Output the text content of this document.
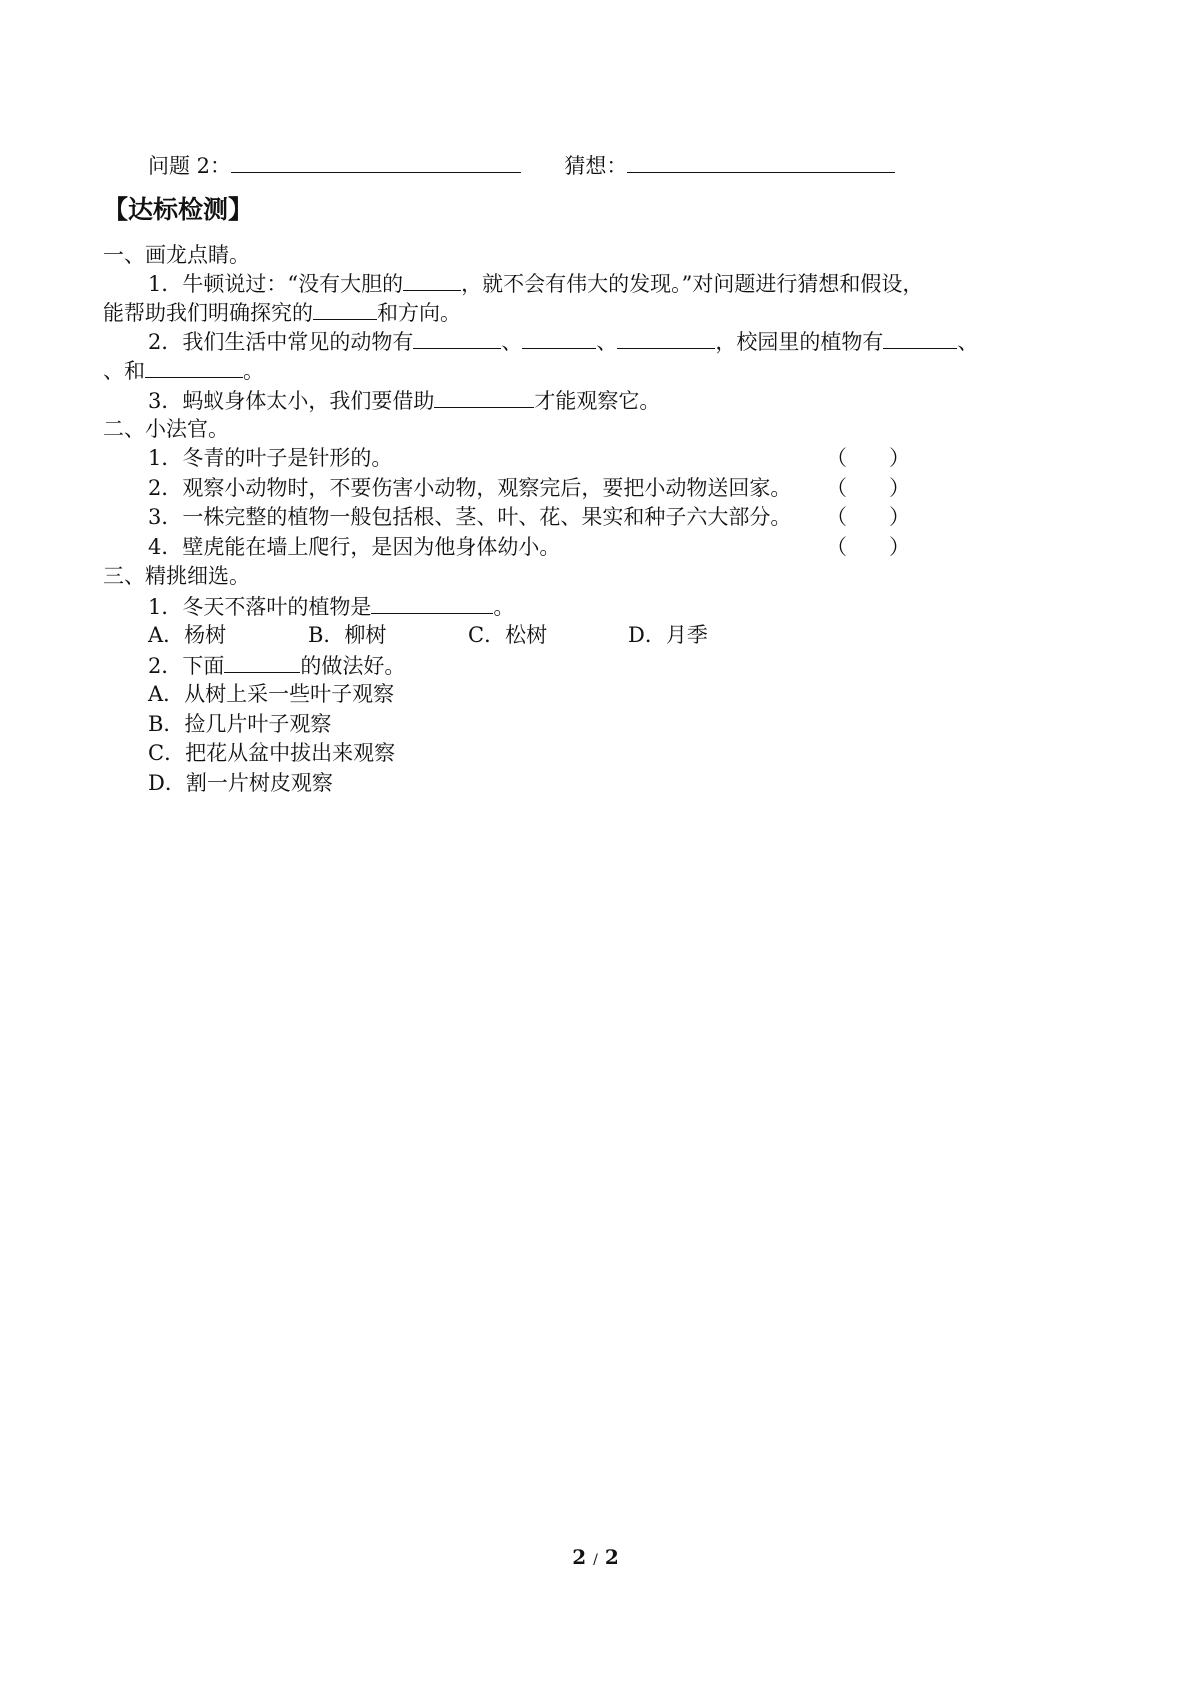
问题 2：	猜想：
【达标检测】
一、画龙点睛。
1．牛顿说过：“没有大胆的	，就不会有伟大的发现。”对问题进行猜想和假设，
能帮助我们明确探究的	和方向。
2．我们生活中常见的动物有	、	、	，校园里的植物有	、
、和	。
3．蚂蚁身体太小，我们要借助	才能观察它。
二、小法官。
1．冬青的叶子是针形的。	（　　）
2．观察小动物时，不要伤害小动物，观察完后，要把小动物送回家。 （　　）
3．一株完整的植物一般包括根、茎、叶、花、果实和种子六大部分。 （　　）
4．壁虎能在墙上爬行，是因为他身体幼小。	（　　）
三、精挑细选。
1．冬天不落叶的植物是	。
A．杨树	B．柳树	C．松树	D．月季
2．下面	的做法好。
A．从树上采一些叶子观察
B．捡几片叶子观察
C．把花从盆中拔出来观察
D．割一片树皮观察
2 / 2
